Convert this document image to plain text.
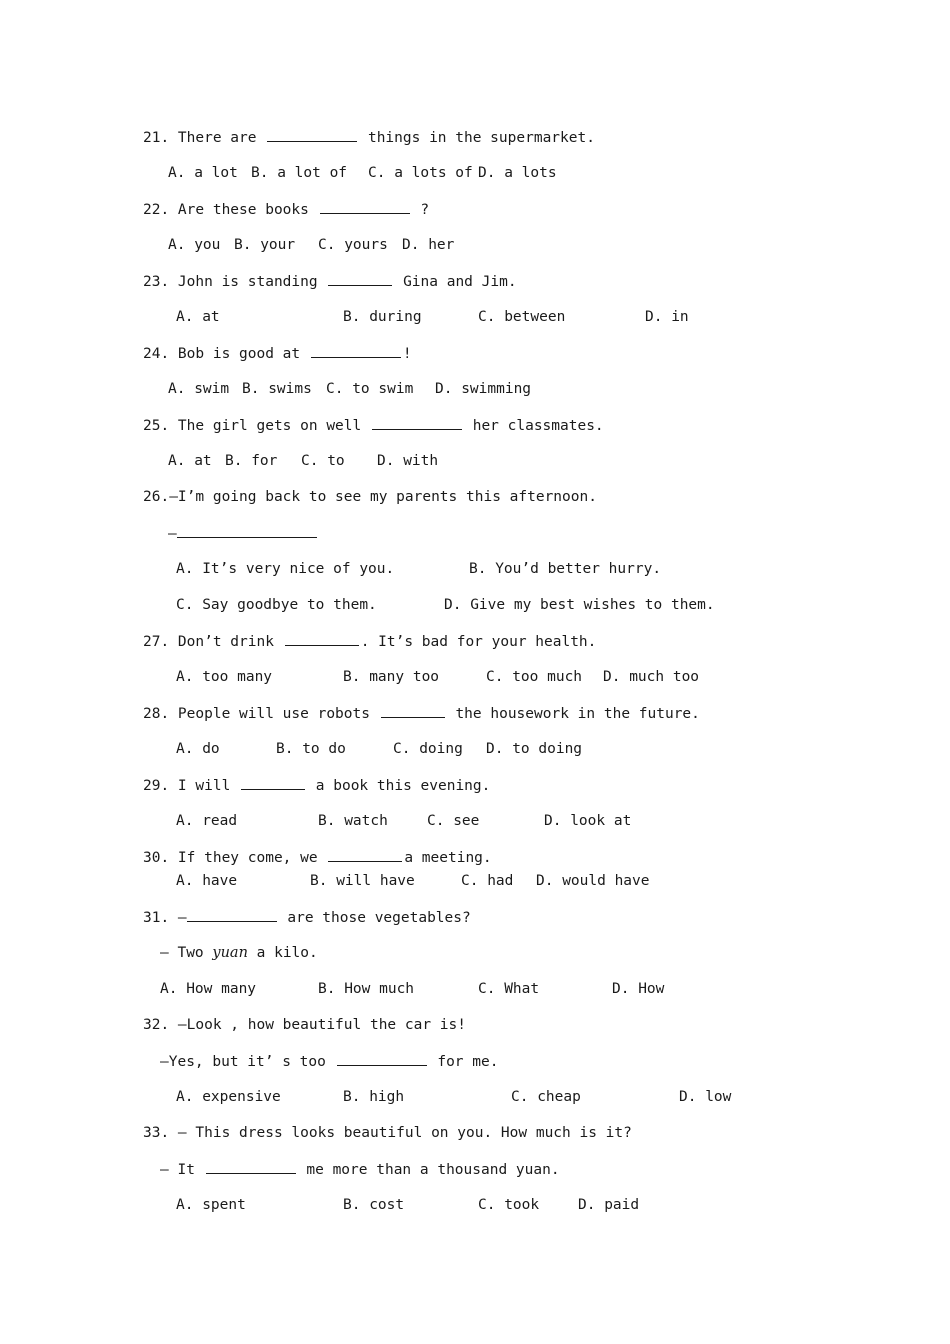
21. There are	things in the supermarket.
A. a lot B. a lot of C. a lots of D. a lots
22. Are these books	?
A. you B. your C. yours D. her
23. John is standing	Gina and Jim.
A. at	B. during	C. between	D. in
24. Bob is good at	!
A. swim B. swims C. to swim D. swimming
25. The girl gets on well	her classmates.
A. at B. for C. to D. with
26.—I’m going back to see my parents this afternoon.
—
A. It’s very nice of you.	B. You’d better hurry.
C. Say goodbye to them.	D. Give my best wishes to them.
27. Don’t drink	. It’s bad for your health.
A. too many	B. many too	C. too much D. much too
28. People will use robots	the housework in the future.
A. do	B. to do	C. doing D. to doing
29. I will	a book this evening.
A. read	B. watch	C. see	D. look at
30. If they come, we	a meeting.
A. have	B. will have	C. had D. would have
31. —	are those vegetables?
— Two yuan a kilo.
A. How many	B. How much	C. What	D. How
32. —Look , how beautiful the car is!
—Yes, but it’ s too	for me.
A. expensive	B. high	C. cheap	D. low
33. — This dress looks beautiful on you. How much is it?
— It	me more than a thousand yuan.
A. spent	B. cost	C. took	D. paid
